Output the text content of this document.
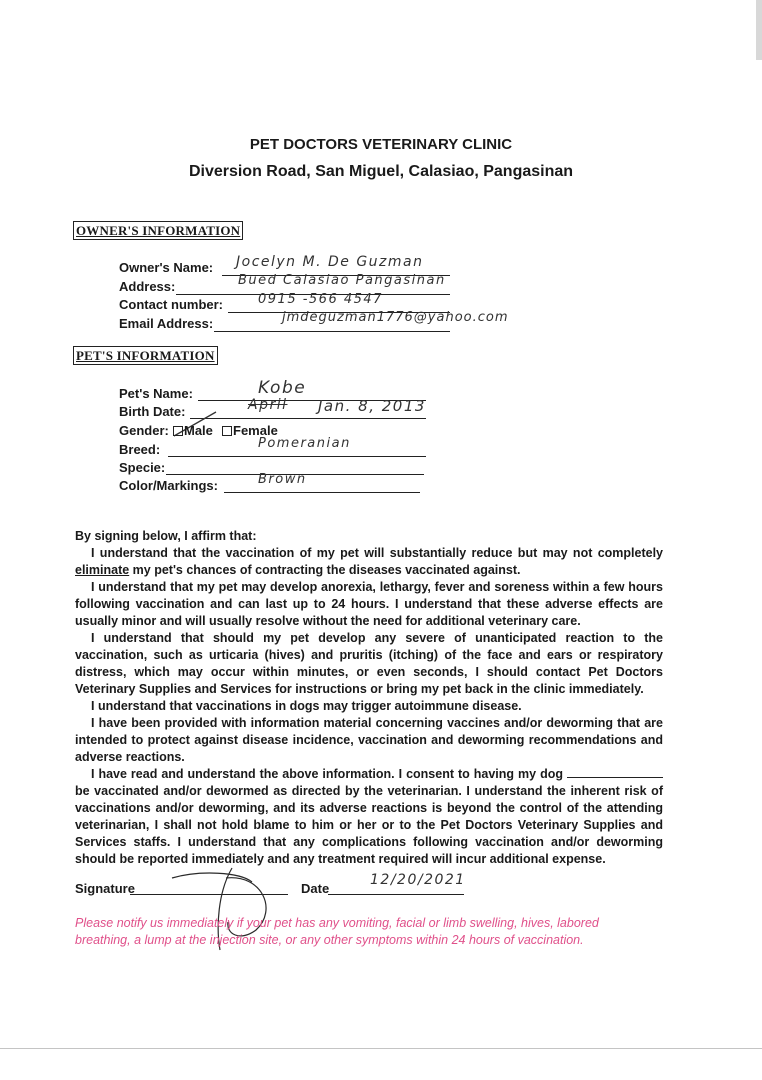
PET DOCTORS VETERINARY CLINIC
Diversion Road, San Miguel, Calasiao, Pangasinan
OWNER'S INFORMATION
Owner's Name: Jocelyn M. De Guzman
Address:	Bued Calasiao Pangasinan
Contact number:	0915 -566 4547
Email Address:	jmdeguzman1776@yahoo.com
PET'S INFORMATION
Pet's Name:	Kobe
Birth Date:	April Jan. 8, 2013
Gender: Male Female
Breed:	Pomeranian
Specie:
Color/Markings:	Brown
By signing below, I affirm that:
I understand that the vaccination of my pet will substantially reduce but may not completely eliminate my pet's chances of contracting the diseases vaccinated against.
I understand that my pet may develop anorexia, lethargy, fever and soreness within a few hours following vaccination and can last up to 24 hours. I understand that these adverse effects are usually minor and will usually resolve without the need for additional veterinary care.
I understand that should my pet develop any severe of unanticipated reaction to the vaccination, such as urticaria (hives) and pruritis (itching) of the face and ears or respiratory distress, which may occur within minutes, or even seconds, I should contact Pet Doctors Veterinary Supplies and Services for instructions or bring my pet back in the clinic immediately.
I understand that vaccinations in dogs may trigger autoimmune disease.
I have been provided with information material concerning vaccines and/or deworming that are intended to protect against disease incidence, vaccination and deworming recommendations and adverse reactions.
I have read and understand the above information. I consent to having my dog  be vaccinated and/or dewormed as directed by the veterinarian. I understand the inherent risk of vaccinations and/or deworming, and its adverse reactions is beyond the control of the attending veterinarian, I shall not hold blame to him or her or to the Pet Doctors Veterinary Supplies and Services staffs. I understand that any complications following vaccination and/or deworming should be reported immediately and any treatment required will incur additional expense.
Signature	Date
12/20/2021
Please notify us immediately if your pet has any vomiting, facial or limb swelling, hives, labored breathing, a lump at the injection site, or any other symptoms within 24 hours of vaccination.
